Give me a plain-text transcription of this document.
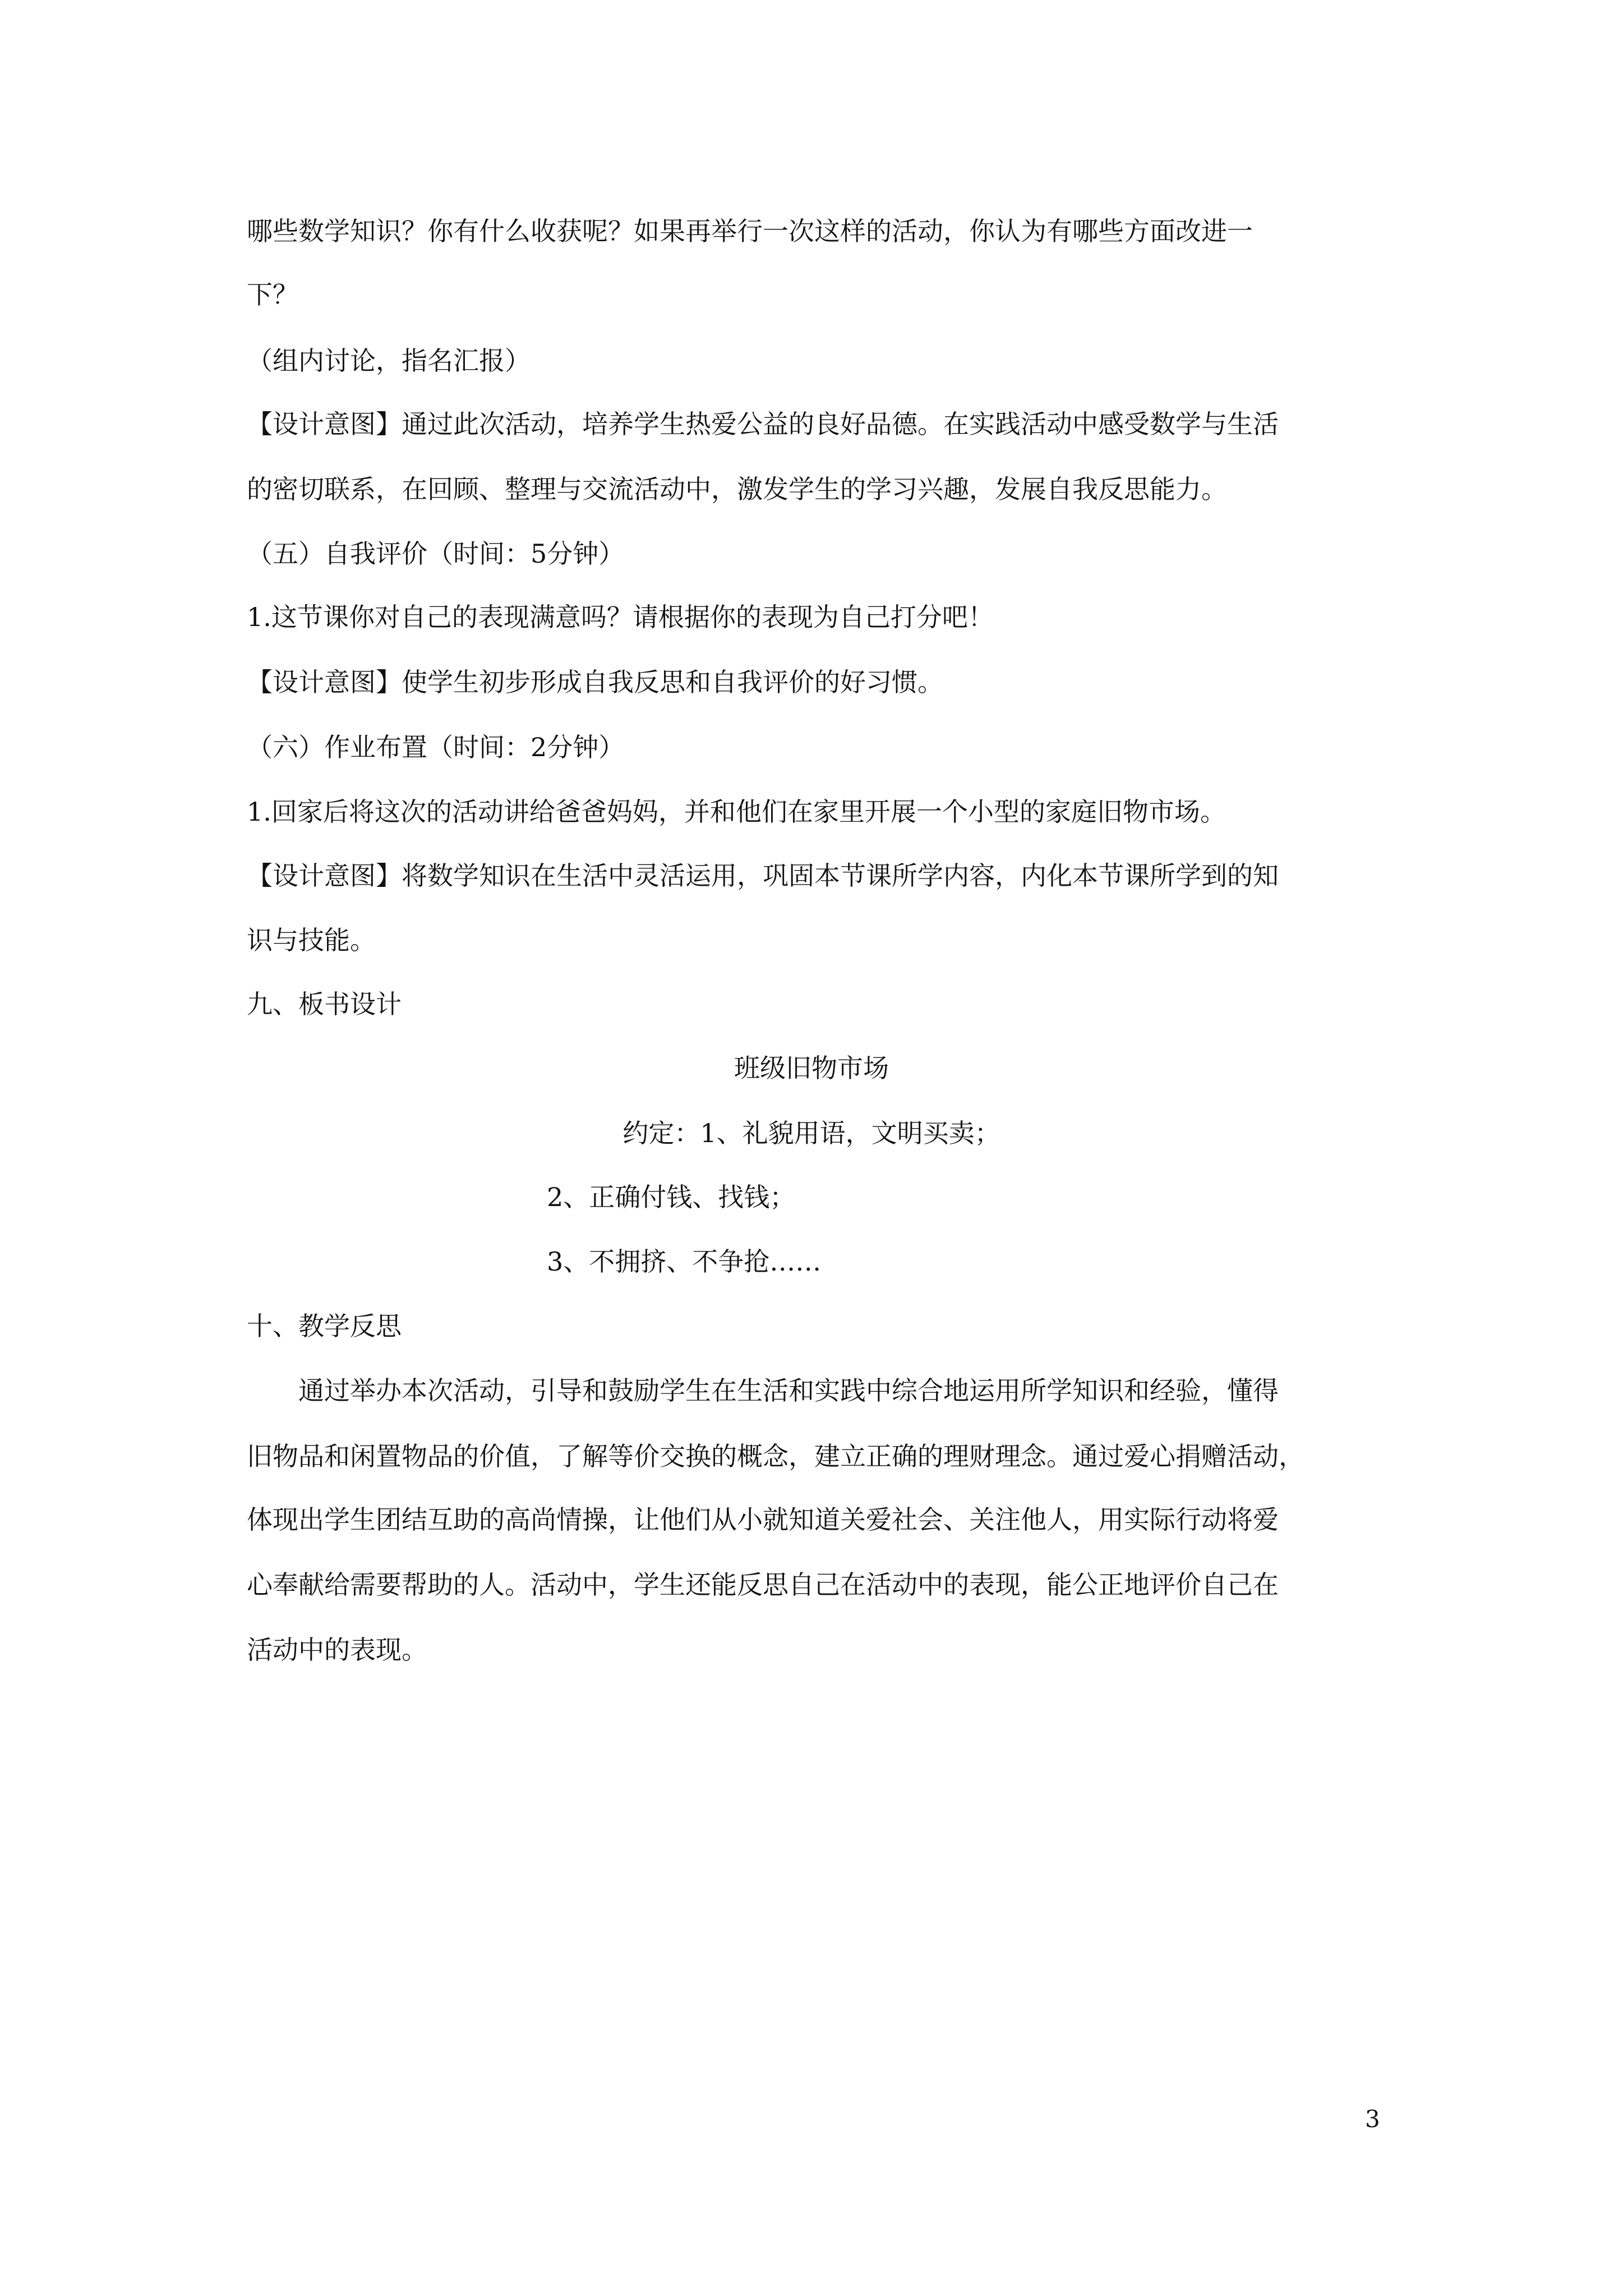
哪些数学知识？你有什么收获呢？如果再举行一次这样的活动，你认为有哪些方面改进一

下？

（组内讨论，指名汇报）

【设计意图】通过此次活动，培养学生热爱公益的良好品德。在实践活动中感受数学与生活

的密切联系，在回顾、整理与交流活动中，激发学生的学习兴趣，发展自我反思能力。

（五）自我评价（时间：5分钟）

1.这节课你对自己的表现满意吗？请根据你的表现为自己打分吧！

【设计意图】使学生初步形成自我反思和自我评价的好习惯。

（六）作业布置（时间：2分钟）

1.回家后将这次的活动讲给爸爸妈妈，并和他们在家里开展一个小型的家庭旧物市场。

【设计意图】将数学知识在生活中灵活运用，巩固本节课所学内容，内化本节课所学到的知

识与技能。

九、板书设计

班级旧物市场

约定：1、礼貌用语，文明买卖；

2、正确付钱、找钱；

3、不拥挤、不争抢……

十、教学反思

通过举办本次活动，引导和鼓励学生在生活和实践中综合地运用所学知识和经验，懂得

旧物品和闲置物品的价值，了解等价交换的概念，建立正确的理财理念。通过爱心捐赠活动，

体现出学生团结互助的高尚情操，让他们从小就知道关爱社会、关注他人，用实际行动将爱

心奉献给需要帮助的人。活动中，学生还能反思自己在活动中的表现，能公正地评价自己在

活动中的表现。

3
